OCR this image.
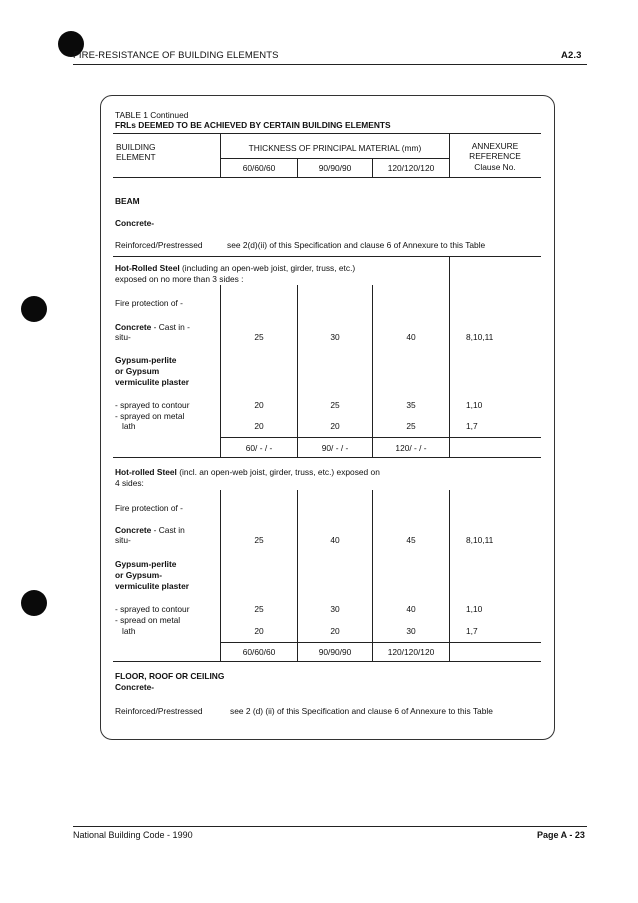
FIRE-RESISTANCE OF BUILDING ELEMENTS	A2.3
TABLE 1 Continued
FRLs DEEMED TO BE ACHIEVED BY CERTAIN BUILDING ELEMENTS
BUILDING
ELEMENT
THICKNESS OF PRINCIPAL MATERIAL (mm)	ANNEXURE
REFERENCE
Clause No.
60/60/60	90/90/90	120/120/120
BEAM
Concrete-
Reinforced/Prestressed	see 2(d)(ii) of this Specification and clause 6 of Annexure to this Table
Hot-Rolled Steel (including an open-web joist, girder, truss, etc.)
exposed on no more than 3 sides :
Fire protection of -
Concrete - Cast in -
situ-	25	30	40	8,10,11
Gypsum-perlite
or Gypsum
vermiculite plaster
- sprayed to contour	20	25	35	1,10
- sprayed on metal
lath	20	20	25	1,7
60/ - / -	90/ - / -	120/ - / -
Hot-rolled Steel (incl. an open-web joist, girder, truss, etc.) exposed on
4 sides:
Fire protection of -
Concrete - Cast in
situ-	25	40	45	8,10,11
Gypsum-perlite
or Gypsum-
vermiculite plaster
- sprayed to contour	25	30	40	1,10
- spread on metal
lath	20	20	30	1,7
60/60/60	90/90/90	120/120/120
FLOOR, ROOF OR CEILING
Concrete-
Reinforced/Prestressed	see 2 (d) (ii) of this Specification and clause 6 of Annexure to this Table
National Building Code - 1990	Page A - 23
